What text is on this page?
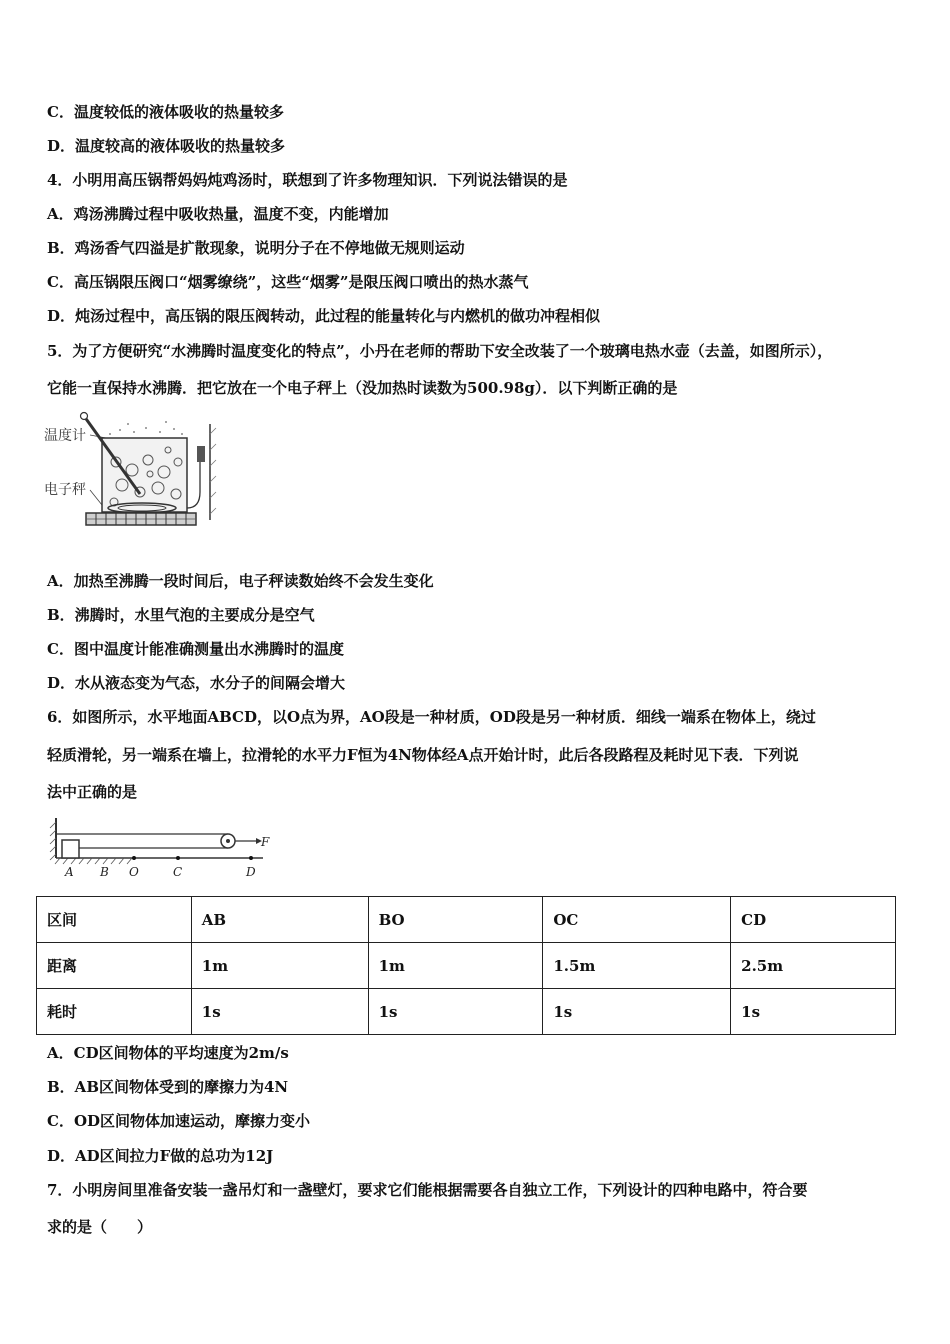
C．温度较低的液体吸收的热量较多
D．温度较高的液体吸收的热量较多
4．小明用高压锅帮妈妈炖鸡汤时，联想到了许多物理知识．下列说法错误的是
A．鸡汤沸腾过程中吸收热量，温度不变，内能增加
B．鸡汤香气四溢是扩散现象，说明分子在不停地做无规则运动
C．高压锅限压阀口“烟雾缭绕”，这些“烟雾”是限压阀口喷出的热水蒸气
D．炖汤过程中，高压锅的限压阀转动，此过程的能量转化与内燃机的做功冲程相似
5．为了方便研究“水沸腾时温度变化的特点”，小丹在老师的帮助下安全改装了一个玻璃电热水壶（去盖，如图所示），
它能一直保持水沸腾．把它放在一个电子秤上（没加热时读数为500.98g）．以下判断正确的是
温度计
电子秤
A．加热至沸腾一段时间后，电子秤读数始终不会发生变化
B．沸腾时，水里气泡的主要成分是空气
C．图中温度计能准确测量出水沸腾时的温度
D．水从液态变为气态，水分子的间隔会增大
6．如图所示，水平地面ABCD，以O点为界，AO段是一种材质，OD段是另一种材质．细线一端系在物体上，绕过
轻质滑轮，另一端系在墙上，拉滑轮的水平力F恒为4N物体经A点开始计时，此后各段路程及耗时见下表．下列说
法中正确的是
F
A B O	C	D
区间	AB	BO	OC	CD
距离	1m	1m	1.5m	2.5m
耗时	1s	1s	1s	1s
A．CD区间物体的平均速度为2m/s
B．AB区间物体受到的摩擦力为4N
C．OD区间物体加速运动，摩擦力变小
D．AD区间拉力F做的总功为12J
7．小明房间里准备安装一盏吊灯和一盏壁灯，要求它们能根据需要各自独立工作，下列设计的四种电路中，符合要
求的是（　　）
